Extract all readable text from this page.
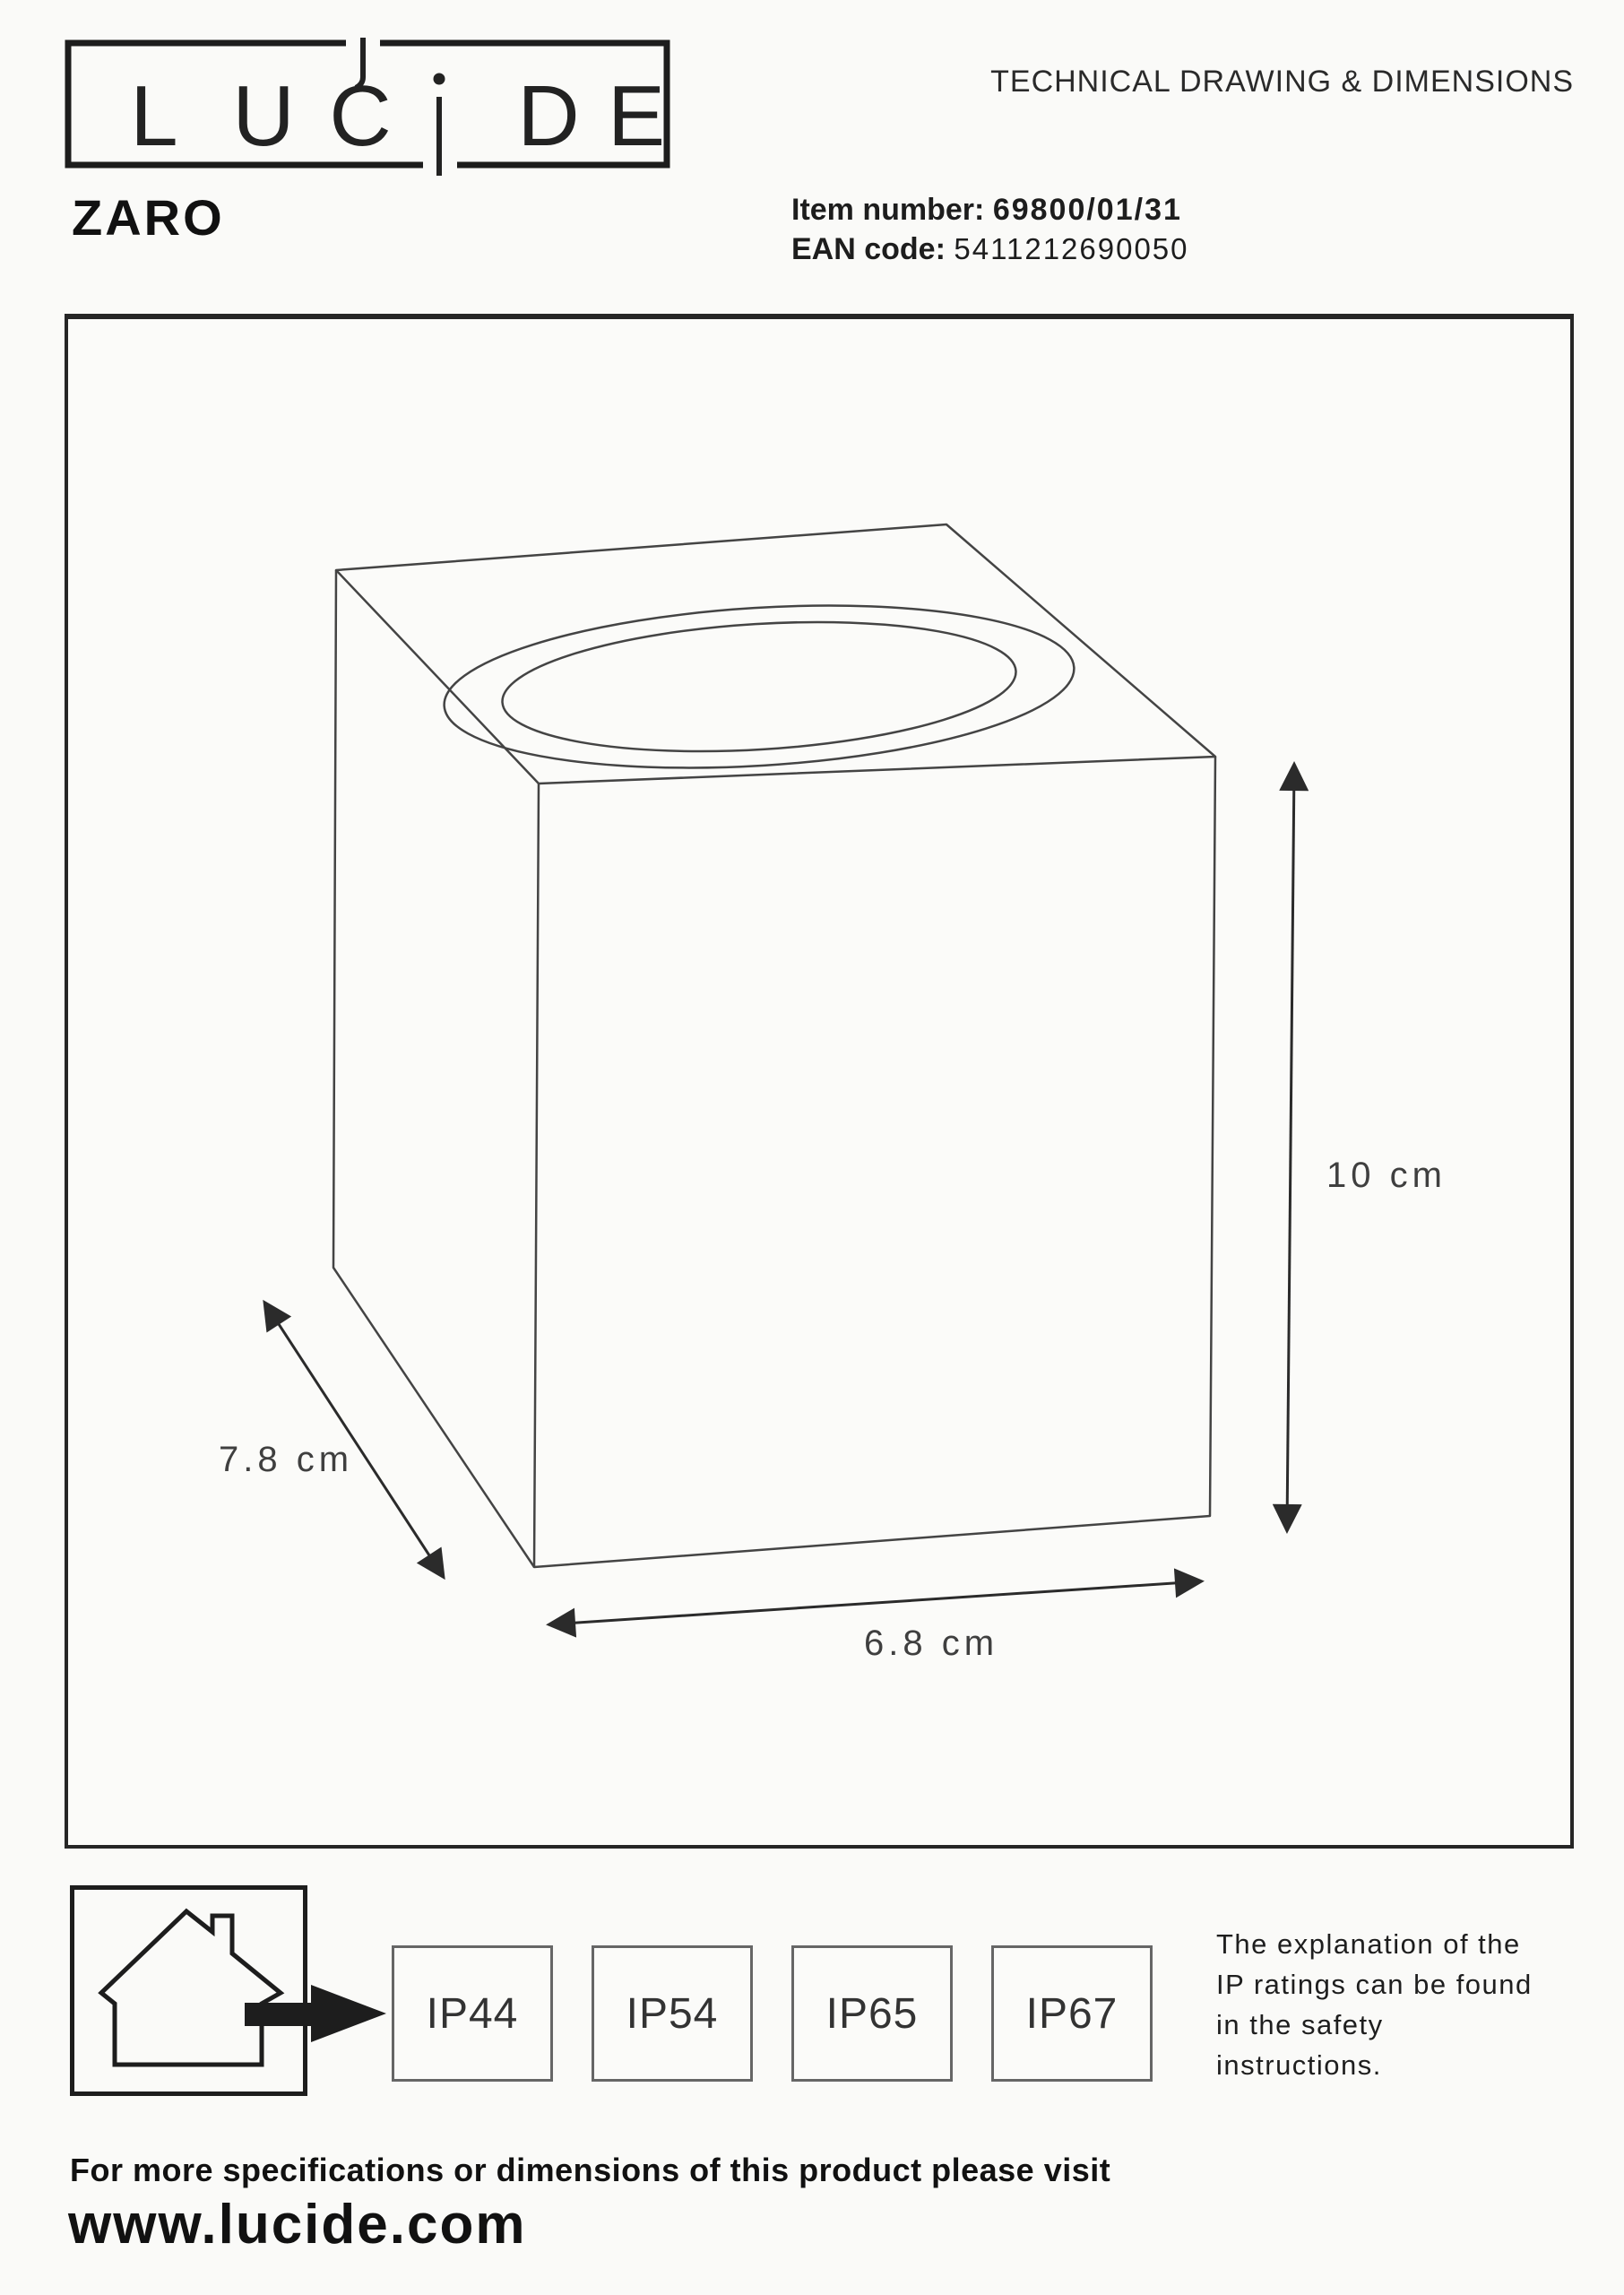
L U C D E	TECHNICAL DRAWING & DIMENSIONS
ZARO	Item number: 69800/01/31
EAN code: 5411212690050
10 cm
7.8 cm
6.8 cm
IP44	IP54	IP65	IP67
The explanation of the
IP ratings can be found
in the safety
instructions.
For more specifications or dimensions of this product please visit
www.lucide.com
